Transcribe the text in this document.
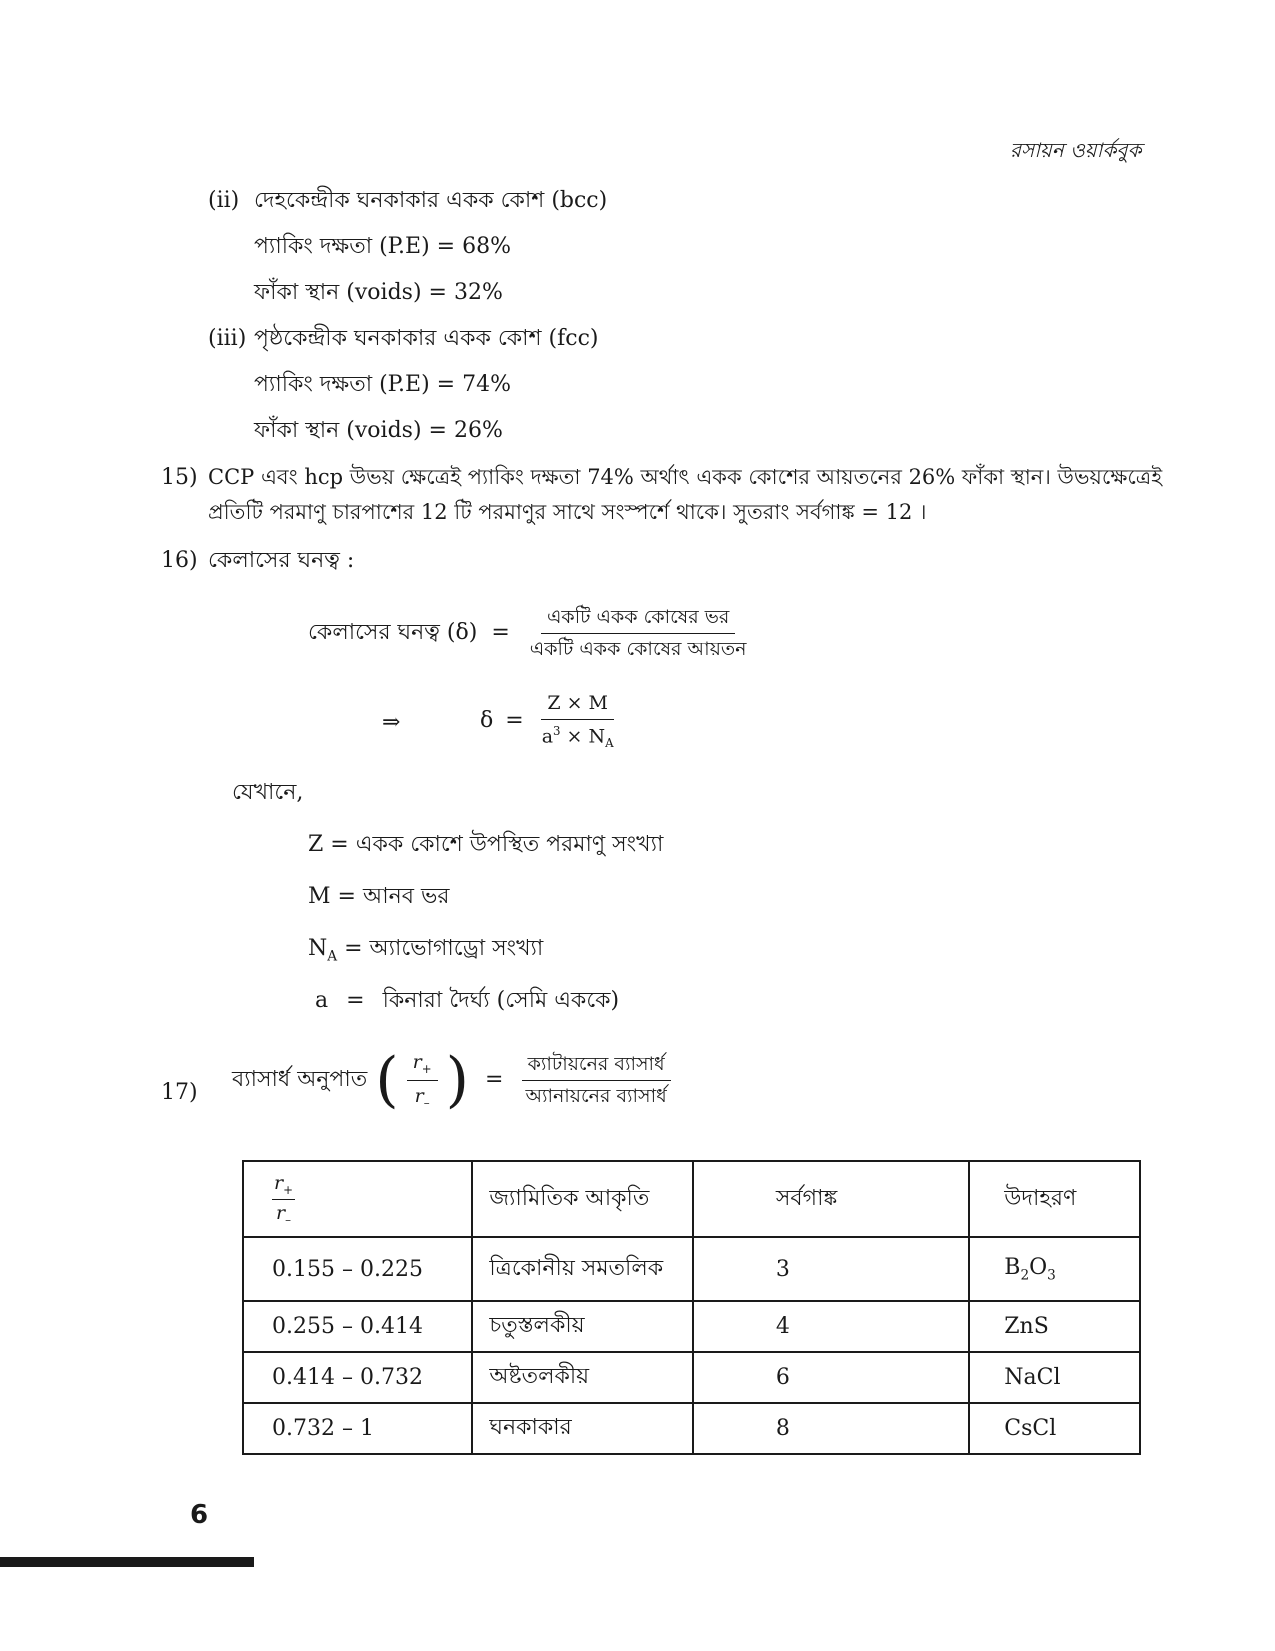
রসায়ন ওয়ার্কবুক
(ii) দেহকেন্দ্রীক ঘনকাকার একক কোশ (bcc)
প্যাকিং দক্ষতা (P.E) = 68%
ফাঁকা স্থান (voids) = 32%
(iii) পৃষ্ঠকেন্দ্রীক ঘনকাকার একক কোশ (fcc)
প্যাকিং দক্ষতা (P.E) = 74%
ফাঁকা স্থান (voids) = 26%
15) CCP এবং hcp উভয় ক্ষেত্রেই প্যাকিং দক্ষতা 74% অর্থাৎ একক কোশের আয়তনের 26% ফাঁকা স্থান। উভয়ক্ষেত্রেই
প্রতিটি পরমাণু চারপাশের 12 টি পরমাণুর সাথে সংস্পর্শে থাকে। সুতরাং সর্বগাঙ্ক = 12 ।
16) কেলাসের ঘনত্ব :
কেলাসের ঘনত্ব $(\delta) = \frac{\text{একটি একক কোষের ভর}}{\text{একটি একক কোষের আয়তন}}$
⇒	$\delta = \frac{Z \times M}{a^3 \times N_A}$
যেখানে,
Z = একক কোশে উপস্থিত পরমাণু সংখ্যা
M = আনব ভর
$N_A$ = অ্যাভোগাড্রো সংখ্যা
a = কিনারা দৈর্ঘ্য (সেমি এককে)
17)
ব্যাসার্ধ অনুপাত ( $\frac{r_+}{r_-}$ ) = $\frac{\text{ক্যাটায়নের ব্যাসার্ধ}}{\text{অ্যানায়নের ব্যাসার্ধ}}$
$\frac{r_+}{r_-}$	জ্যামিতিক আকৃতি	সর্বগাঙ্ক	উদাহরণ
0.155 – 0.225	ত্রিকোনীয় সমতলিক	3	$B_2O_3$
0.255 – 0.414	চতুস্তলকীয়	4	ZnS
0.414 – 0.732	অষ্টতলকীয়	6	NaCl
0.732 – 1	ঘনকাকার	8	CsCl
6
